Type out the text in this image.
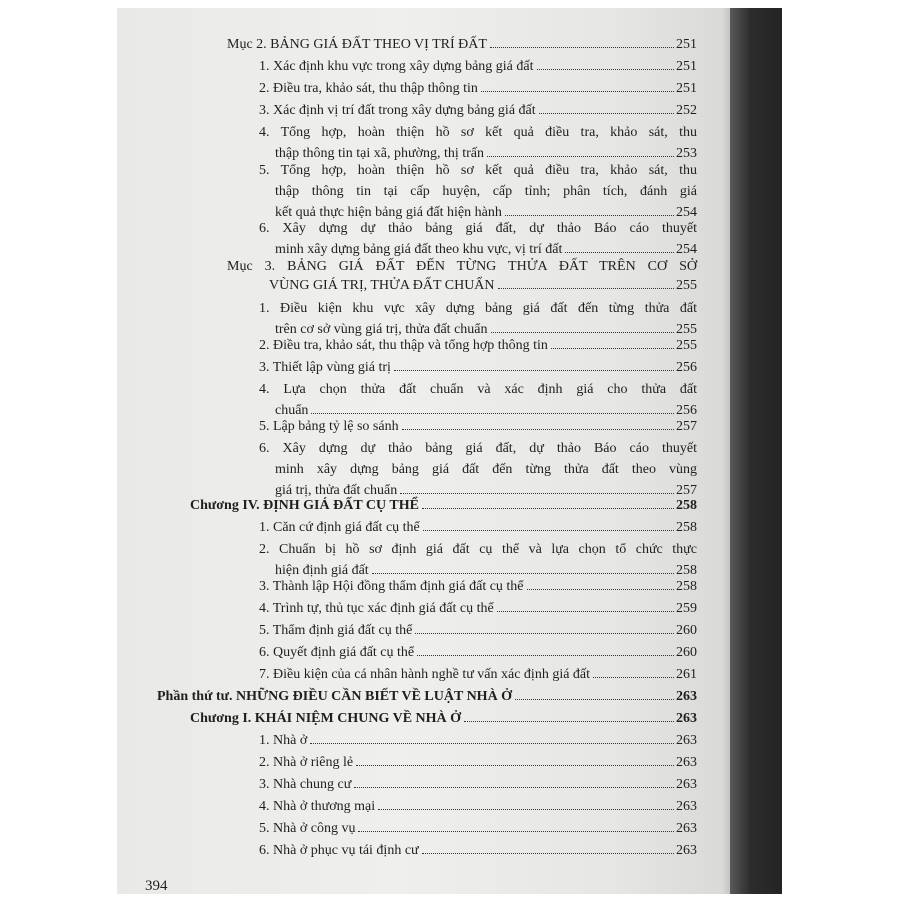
Mục 2. BẢNG GIÁ ĐẤT THEO VỊ TRÍ ĐẤT	251
1. Xác định khu vực trong xây dựng bảng giá đất	251
2. Điều tra, khảo sát, thu thập thông tin	251
3. Xác định vị trí đất trong xây dựng bảng giá đất	252
4. Tổng hợp, hoàn thiện hồ sơ kết quả điều tra, khảo sát, thu
thập thông tin tại xã, phường, thị trấn	253
5. Tổng hợp, hoàn thiện hồ sơ kết quả điều tra, khảo sát, thu
thập thông tin tại cấp huyện, cấp tỉnh; phân tích, đánh giá
kết quả thực hiện bảng giá đất hiện hành	254
6. Xây dựng dự thảo bảng giá đất, dự thảo Báo cáo thuyết
minh xây dựng bảng giá đất theo khu vực, vị trí đất	254
Mục 3. BẢNG GIÁ ĐẤT ĐẾN TỪNG THỬA ĐẤT TRÊN CƠ SỞ
VÙNG GIÁ TRỊ, THỬA ĐẤT CHUẨN	255
1. Điều kiện khu vực xây dựng bảng giá đất đến từng thửa đất
trên cơ sở vùng giá trị, thửa đất chuẩn	255
2. Điều tra, khảo sát, thu thập và tổng hợp thông tin	255
3. Thiết lập vùng giá trị	256
4. Lựa chọn thửa đất chuẩn và xác định giá cho thửa đất
chuẩn	256
5. Lập bảng tỷ lệ so sánh	257
6. Xây dựng dự thảo bảng giá đất, dự thảo Báo cáo thuyết
minh xây dựng bảng giá đất đến từng thửa đất theo vùng
giá trị, thửa đất chuẩn	257
Chương IV. ĐỊNH GIÁ ĐẤT CỤ THỂ	258
1. Căn cứ định giá đất cụ thể	258
2. Chuẩn bị hồ sơ định giá đất cụ thể và lựa chọn tổ chức thực
hiện định giá đất	258
3. Thành lập Hội đồng thẩm định giá đất cụ thể	258
4. Trình tự, thủ tục xác định giá đất cụ thể	259
5. Thẩm định giá đất cụ thể	260
6. Quyết định giá đất cụ thể	260
7. Điều kiện của cá nhân hành nghề tư vấn xác định giá đất	261
Phần thứ tư. NHỮNG ĐIỀU CẦN BIẾT VỀ LUẬT NHÀ Ở	263
Chương I. KHÁI NIỆM CHUNG VỀ NHÀ Ở	263
1. Nhà ở	263
2. Nhà ở riêng lẻ	263
3. Nhà chung cư	263
4. Nhà ở thương mại	263
5. Nhà ở công vụ	263
6. Nhà ở phục vụ tái định cư	263
394
